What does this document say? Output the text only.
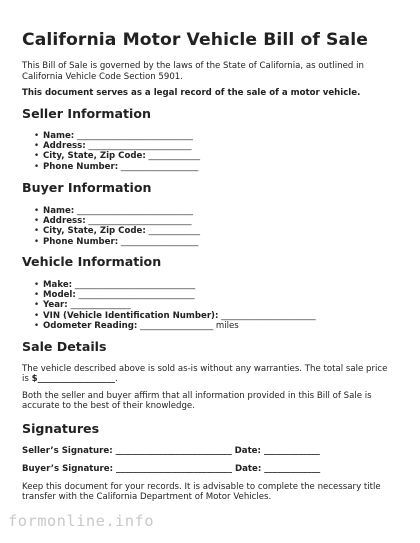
California Motor Vehicle Bill of Sale
This Bill of Sale is governed by the laws of the State of California, as outlined in California Vehicle Code Section 5901.
This document serves as a legal record of the sale of a motor vehicle.
Seller Information
• Name: ___________________________
• Address: ________________________
• City, State, Zip Code: ____________
• Phone Number: __________________
Buyer Information
• Name: ___________________________
• Address: ________________________
• City, State, Zip Code: ____________
• Phone Number: __________________
Vehicle Information
• Make: ____________________________
• Model: ___________________________
• Year: ______________
• VIN (Vehicle Identification Number): ______________________
• Odometer Reading: _________________ miles
Sale Details
The vehicle described above is sold as-is without any warranties. The total sale price is $__________________.
Both the seller and buyer affirm that all information provided in this Bill of Sale is accurate to the best of their knowledge.
Signatures
Seller’s Signature: ___________________________ Date: _____________
Buyer’s Signature: ___________________________ Date: _____________
Keep this document for your records. It is advisable to complete the necessary title transfer with the California Department of Motor Vehicles.
formonline.info
